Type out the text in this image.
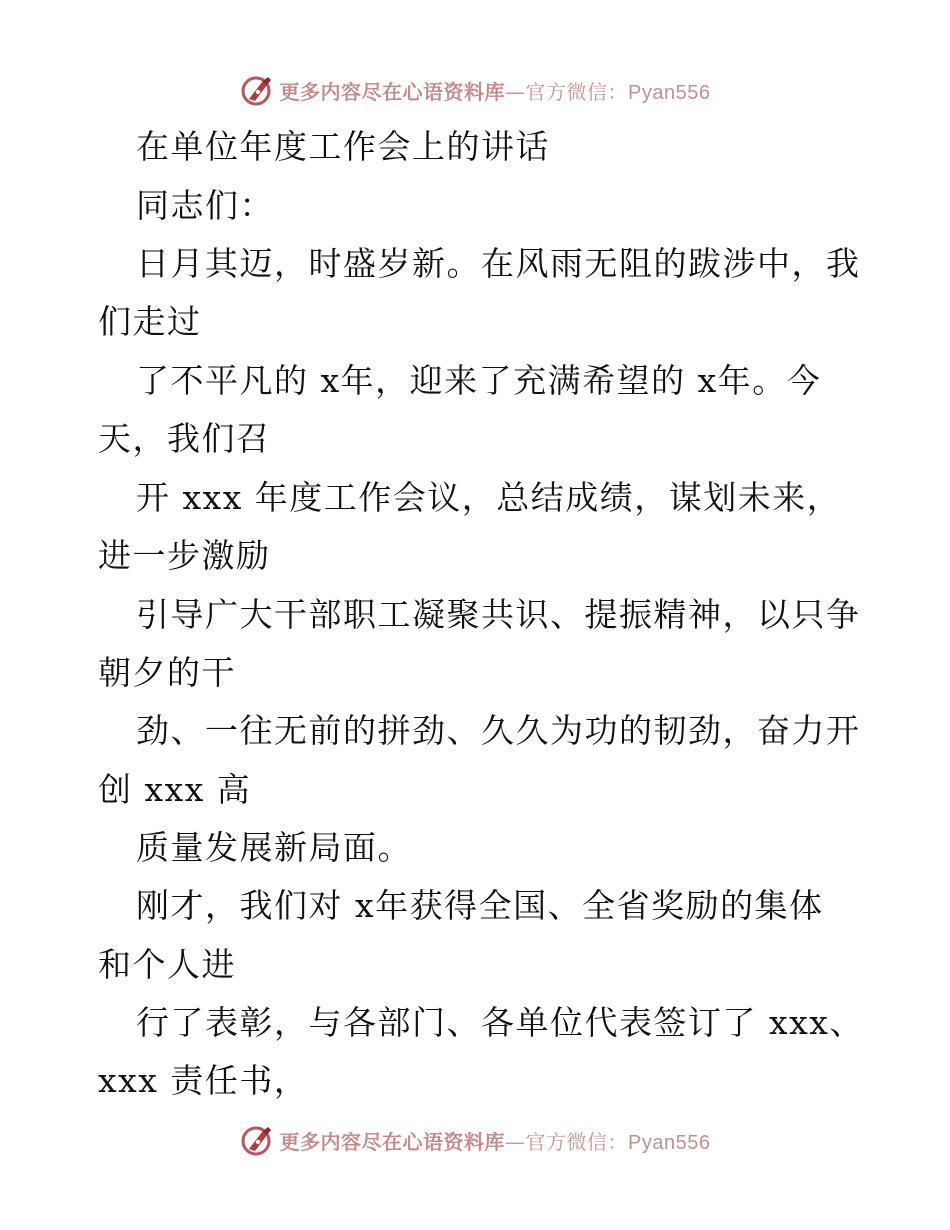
更多内容尽在心语资料库—官方微信：Pyan556
在单位年度工作会上的讲话
同志们：
日月其迈，时盛岁新。在风雨无阻的跋涉中，我
们走过
了不平凡的 x年，迎来了充满希望的 x年。今
天，我们召
开 xxx 年度工作会议，总结成绩，谋划未来，
进一步激励
引导广大干部职工凝聚共识、提振精神，以只争
朝夕的干
劲、一往无前的拼劲、久久为功的韧劲，奋力开
创 xxx 高
质量发展新局面。
刚才，我们对 x年获得全国、全省奖励的集体
和个人进
行了表彰，与各部门、各单位代表签订了 xxx、
xxx 责任书，
更多内容尽在心语资料库—官方微信：Pyan556
